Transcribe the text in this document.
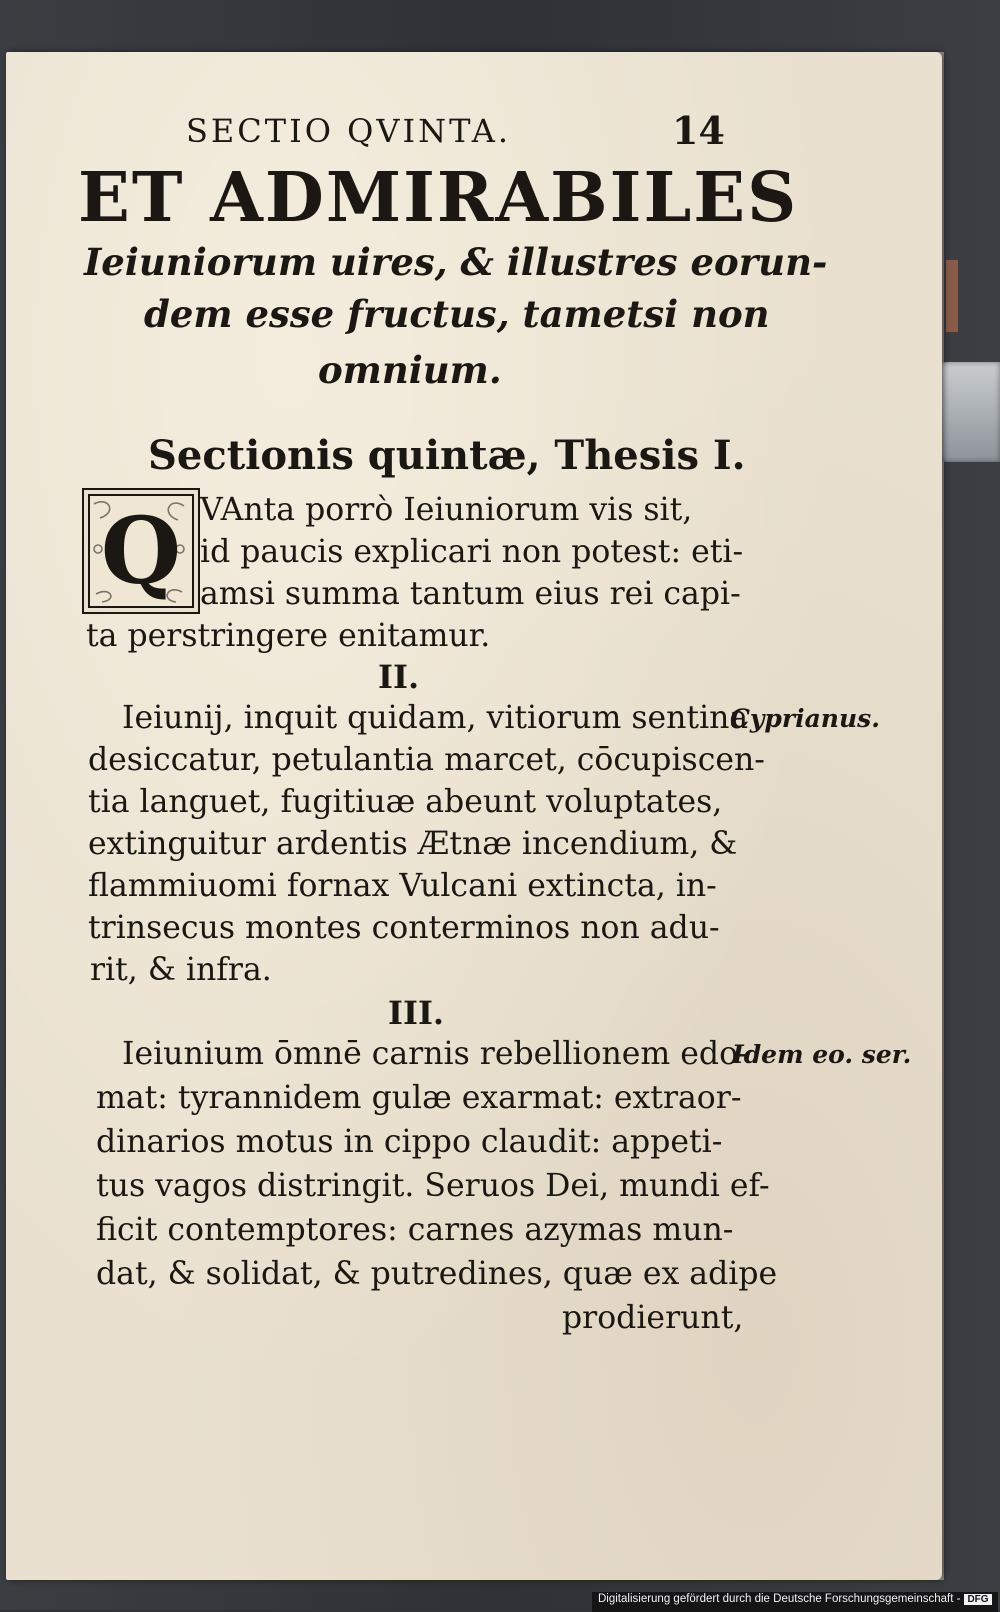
SECTIO QVINTA.	14
ET ADMIRABILES
Ieiuniorum uires, & illustres eorun-
dem esse fructus, tametsi non
omnium.
Sectionis quintæ, Thesis I.
Q VAnta porrò Ieiuniorum vis sit,
id paucis explicari non potest: eti-
amsi summa tantum eius rei capi-
ta perstringere enitamur.
II.
Ieiunij, inquit quidam, vitiorum sentina
Cyprianus.
desiccatur, petulantia marcet, cōcupiscen-
tia languet, fugitiuæ abeunt voluptates,
extinguitur ardentis Ætnæ incendium, &
flammiuomi fornax Vulcani extincta, in-
trinsecus montes conterminos non adu-
rit, & infra.
III.
Ieiunium ōmnē carnis rebellionem edo-
Idem eo. ser.
mat: tyrannidem gulæ exarmat: extraor-
dinarios motus in cippo claudit: appeti-
tus vagos distringit. Seruos Dei, mundi ef-
ficit contemptores: carnes azymas mun-
dat, & solidat, & putredines, quæ ex adipe
prodierunt,
Digitalisierung gefördert durch die Deutsche Forschungsgemeinschaft - DFG
